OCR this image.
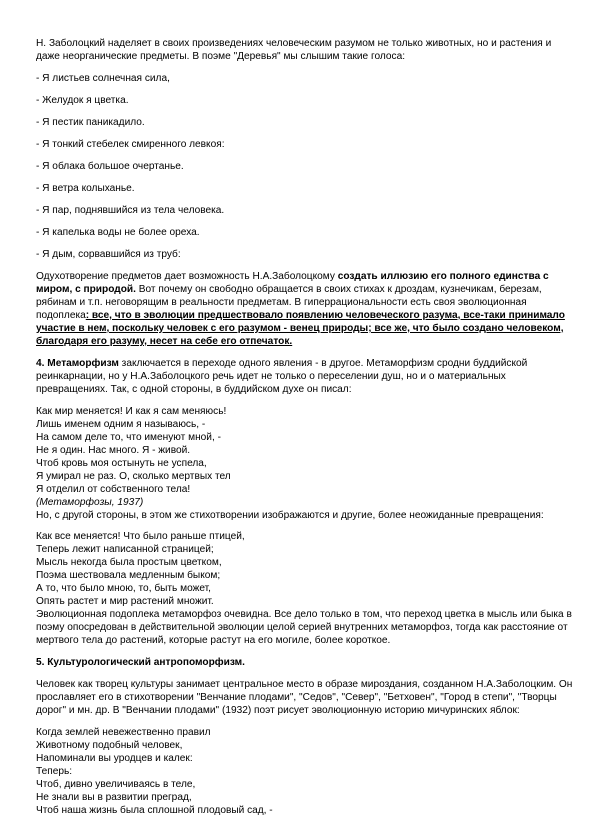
Н. Заболоцкий наделяет в своих произведениях человеческим разумом не только животных, но и растения и даже неорганические предметы. В поэме "Деревья" мы слышим такие голоса:

- Я листьев солнечная сила,

- Желудок я цветка.

- Я пестик паникадило.

- Я тонкий стебелек смиренного левкоя:

- Я облака большое очертанье.

- Я ветра колыханье.

- Я пар, поднявшийся из тела человека.

- Я капелька воды не более ореха.

- Я дым, сорвавшийся из труб:

Одухотворение предметов дает возможность Н.А.Заболоцкому создать иллюзию его полного единства с миром, с природой. Вот почему он свободно обращается в своих стихах к дроздам, кузнечикам, березам, рябинам и т.п. неговорящим в реальности предметам. В гиперрациональности есть своя эволюционная подоплека: все, что в эволюции предшествовало появлению человеческого разума, все-таки принимало участие в нем, поскольку человек с его разумом - венец природы; все же, что было создано человеком, благодаря его разуму, несет на себе его отпечаток.

4. Метаморфизм заключается в переходе одного явления - в другое. Метаморфизм сродни буддийской реинкарнации, но у Н.А.Заболоцкого речь идет не только о переселении душ, но и о материальных превращениях. Так, с одной стороны, в буддийском духе он писал:

Как мир меняется! И как я сам меняюсь!

Лишь именем одним я называюсь, -

На самом деле то, что именуют мной, -

Не я один. Нас много. Я - живой.

Чтоб кровь моя остынуть не успела,

Я умирал не раз. О, сколько мертвых тел

Я отделил от собственного тела!

(Метаморфозы, 1937)

Но, с другой стороны, в этом же стихотворении изображаются и другие, более неожиданные превращения:

Как все меняется! Что было раньше птицей,

Теперь лежит написанной страницей;

Мысль некогда была простым цветком,

Поэма шествовала медленным быком;

А то, что было мною, то, быть может,

Опять растет и мир растений множит.

Эволюционная подоплека метаморфоз очевидна. Все дело только в том, что переход цветка в мысль или быка в поэму опосредован в действительной эволюции целой серией внутренних метаморфоз, тогда как расстояние от мертвого тела до растений, которые растут на его могиле, более короткое.

5. Культурологический антропоморфизм.

Человек как творец культуры занимает центральное место в образе мироздания, созданном Н.А.Заболоцким. Он прославляет его в стихотворении "Венчание плодами", "Седов", "Север", "Бетховен", "Город в степи", "Творцы дорог" и мн. др. В "Венчании плодами" (1932) поэт рисует эволюционную историю мичуринских яблок:

Когда землей невежественно правил

Животному подобный человек,

Напоминали вы уродцев и калек:

Теперь:

Чтоб, дивно увеличиваясь в теле,

Не знали вы в развитии преград,

Чтоб наша жизнь была сплошной плодовый сад, -
